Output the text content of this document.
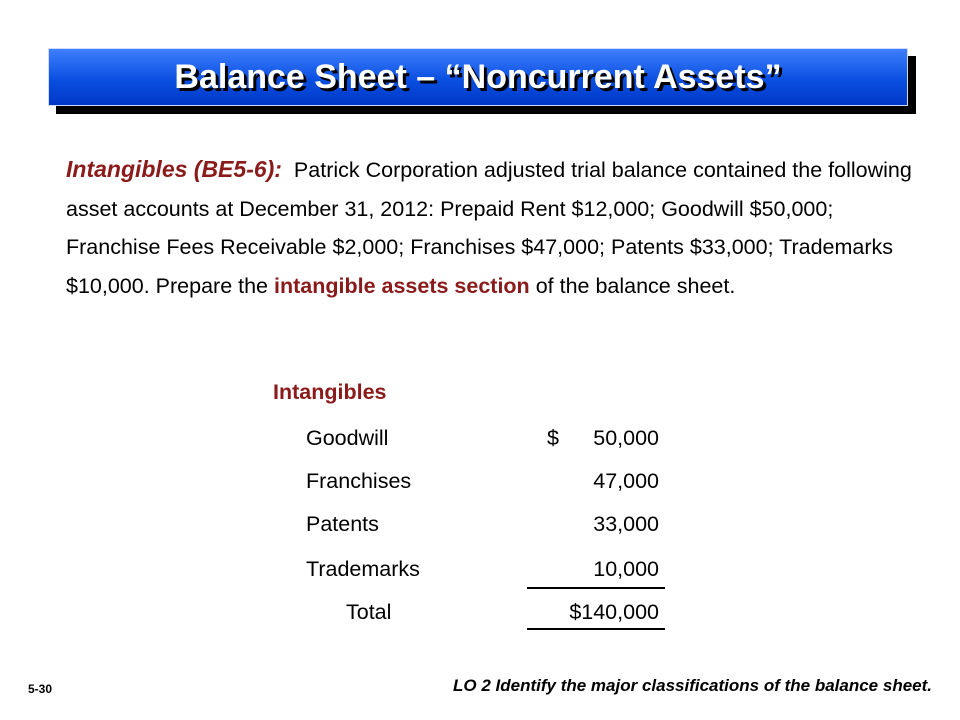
Balance Sheet – “Noncurrent Assets”
Intangibles (BE5-6): Patrick Corporation adjusted trial balance contained the following asset accounts at December 31, 2012: Prepaid Rent $12,000; Goodwill $50,000; Franchise Fees Receivable $2,000; Franchises $47,000; Patents $33,000; Trademarks $10,000. Prepare the intangible assets section of the balance sheet.
Intangibles
Goodwill	$ 50,000
Franchises	47,000
Patents	33,000
Trademarks	10,000
Total	$140,000
5-30	LO 2 Identify the major classifications of the balance sheet.
